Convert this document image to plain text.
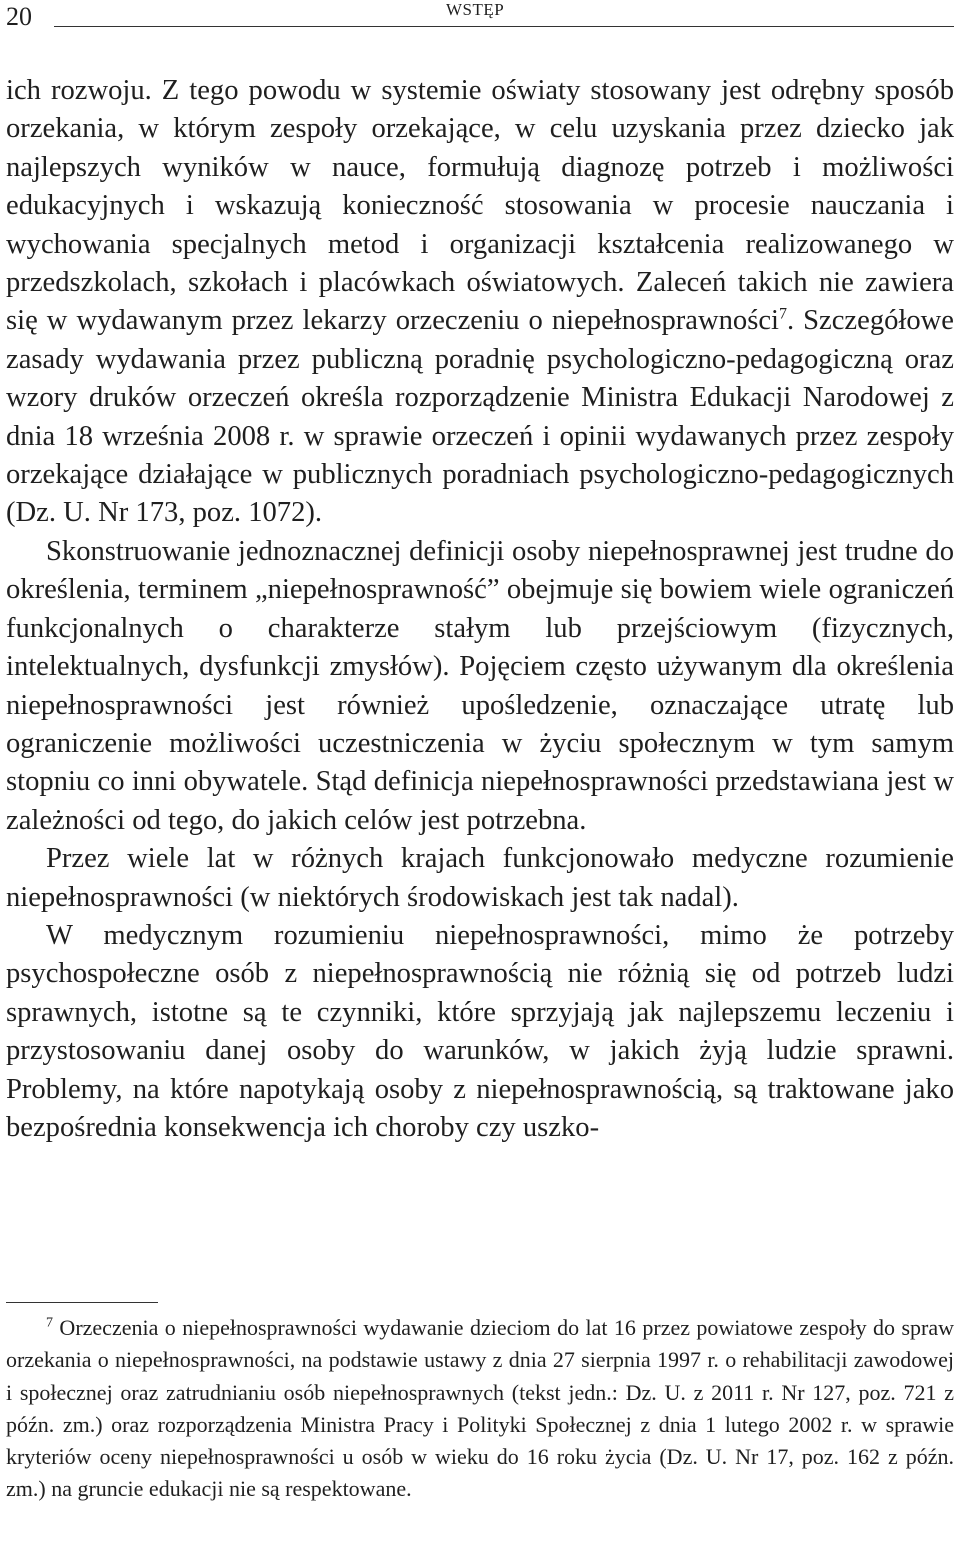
20	WSTĘP

ich rozwoju. Z tego powodu w systemie oświaty stosowany jest odrębny sposób orzekania, w którym zespoły orzekające, w celu uzyskania przez dziecko jak najlepszych wyników w nauce, formułują diagnozę potrzeb i możliwości edukacyjnych i wskazują konieczność stosowania w procesie nauczania i wychowania specjalnych metod i organizacji kształcenia realizowanego w przedszkolach, szkołach i placówkach oświatowych. Zaleceń takich nie zawiera się w wydawanym przez lekarzy orzeczeniu o niepełnosprawności$^7$. Szczegółowe zasady wydawania przez publiczną poradnię psychologiczno-pedagogiczną oraz wzory druków orzeczeń określa rozporządzenie Ministra Edukacji Narodowej z dnia 18 września 2008 r. w sprawie orzeczeń i opinii wydawanych przez zespoły orzekające działające w publicznych poradniach psychologiczno-pedagogicznych (Dz. U. Nr 173, poz. 1072).

Skonstruowanie jednoznacznej definicji osoby niepełnosprawnej jest trudne do określenia, terminem „niepełnosprawność” obejmuje się bowiem wiele ograniczeń funkcjonalnych o charakterze stałym lub przejściowym (fizycznych, intelektualnych, dysfunkcji zmysłów). Pojęciem często używanym dla określenia niepełnosprawności jest również upośledzenie, oznaczające utratę lub ograniczenie możliwości uczestniczenia w życiu społecznym w tym samym stopniu co inni obywatele. Stąd definicja niepełnosprawności przedstawiana jest w zależności od tego, do jakich celów jest potrzebna.

Przez wiele lat w różnych krajach funkcjonowało medyczne rozumienie niepełnosprawności (w niektórych środowiskach jest tak nadal).

W medycznym rozumieniu niepełnosprawności, mimo że potrzeby psychospołeczne osób z niepełnosprawnością nie różnią się od potrzeb ludzi sprawnych, istotne są te czynniki, które sprzyjają jak najlepszemu leczeniu i przystosowaniu danej osoby do warunków, w jakich żyją ludzie sprawni. Problemy, na które napotykają osoby z niepełnosprawnością, są traktowane jako bezpośrednia konsekwencja ich choroby czy uszko-

$^7$ Orzeczenia o niepełnosprawności wydawanie dzieciom do lat 16 przez powiatowe zespoły do spraw orzekania o niepełnosprawności, na podstawie ustawy z dnia 27 sierpnia 1997 r. o rehabilitacji zawodowej i społecznej oraz zatrudnianiu osób niepełnosprawnych (tekst jedn.: Dz. U. z 2011 r. Nr 127, poz. 721 z późn. zm.) oraz rozporządzenia Ministra Pracy i Polityki Społecznej z dnia 1 lutego 2002 r. w sprawie kryteriów oceny niepełnosprawności u osób w wieku do 16 roku życia (Dz. U. Nr 17, poz. 162 z późn. zm.) na gruncie edukacji nie są respektowane.
